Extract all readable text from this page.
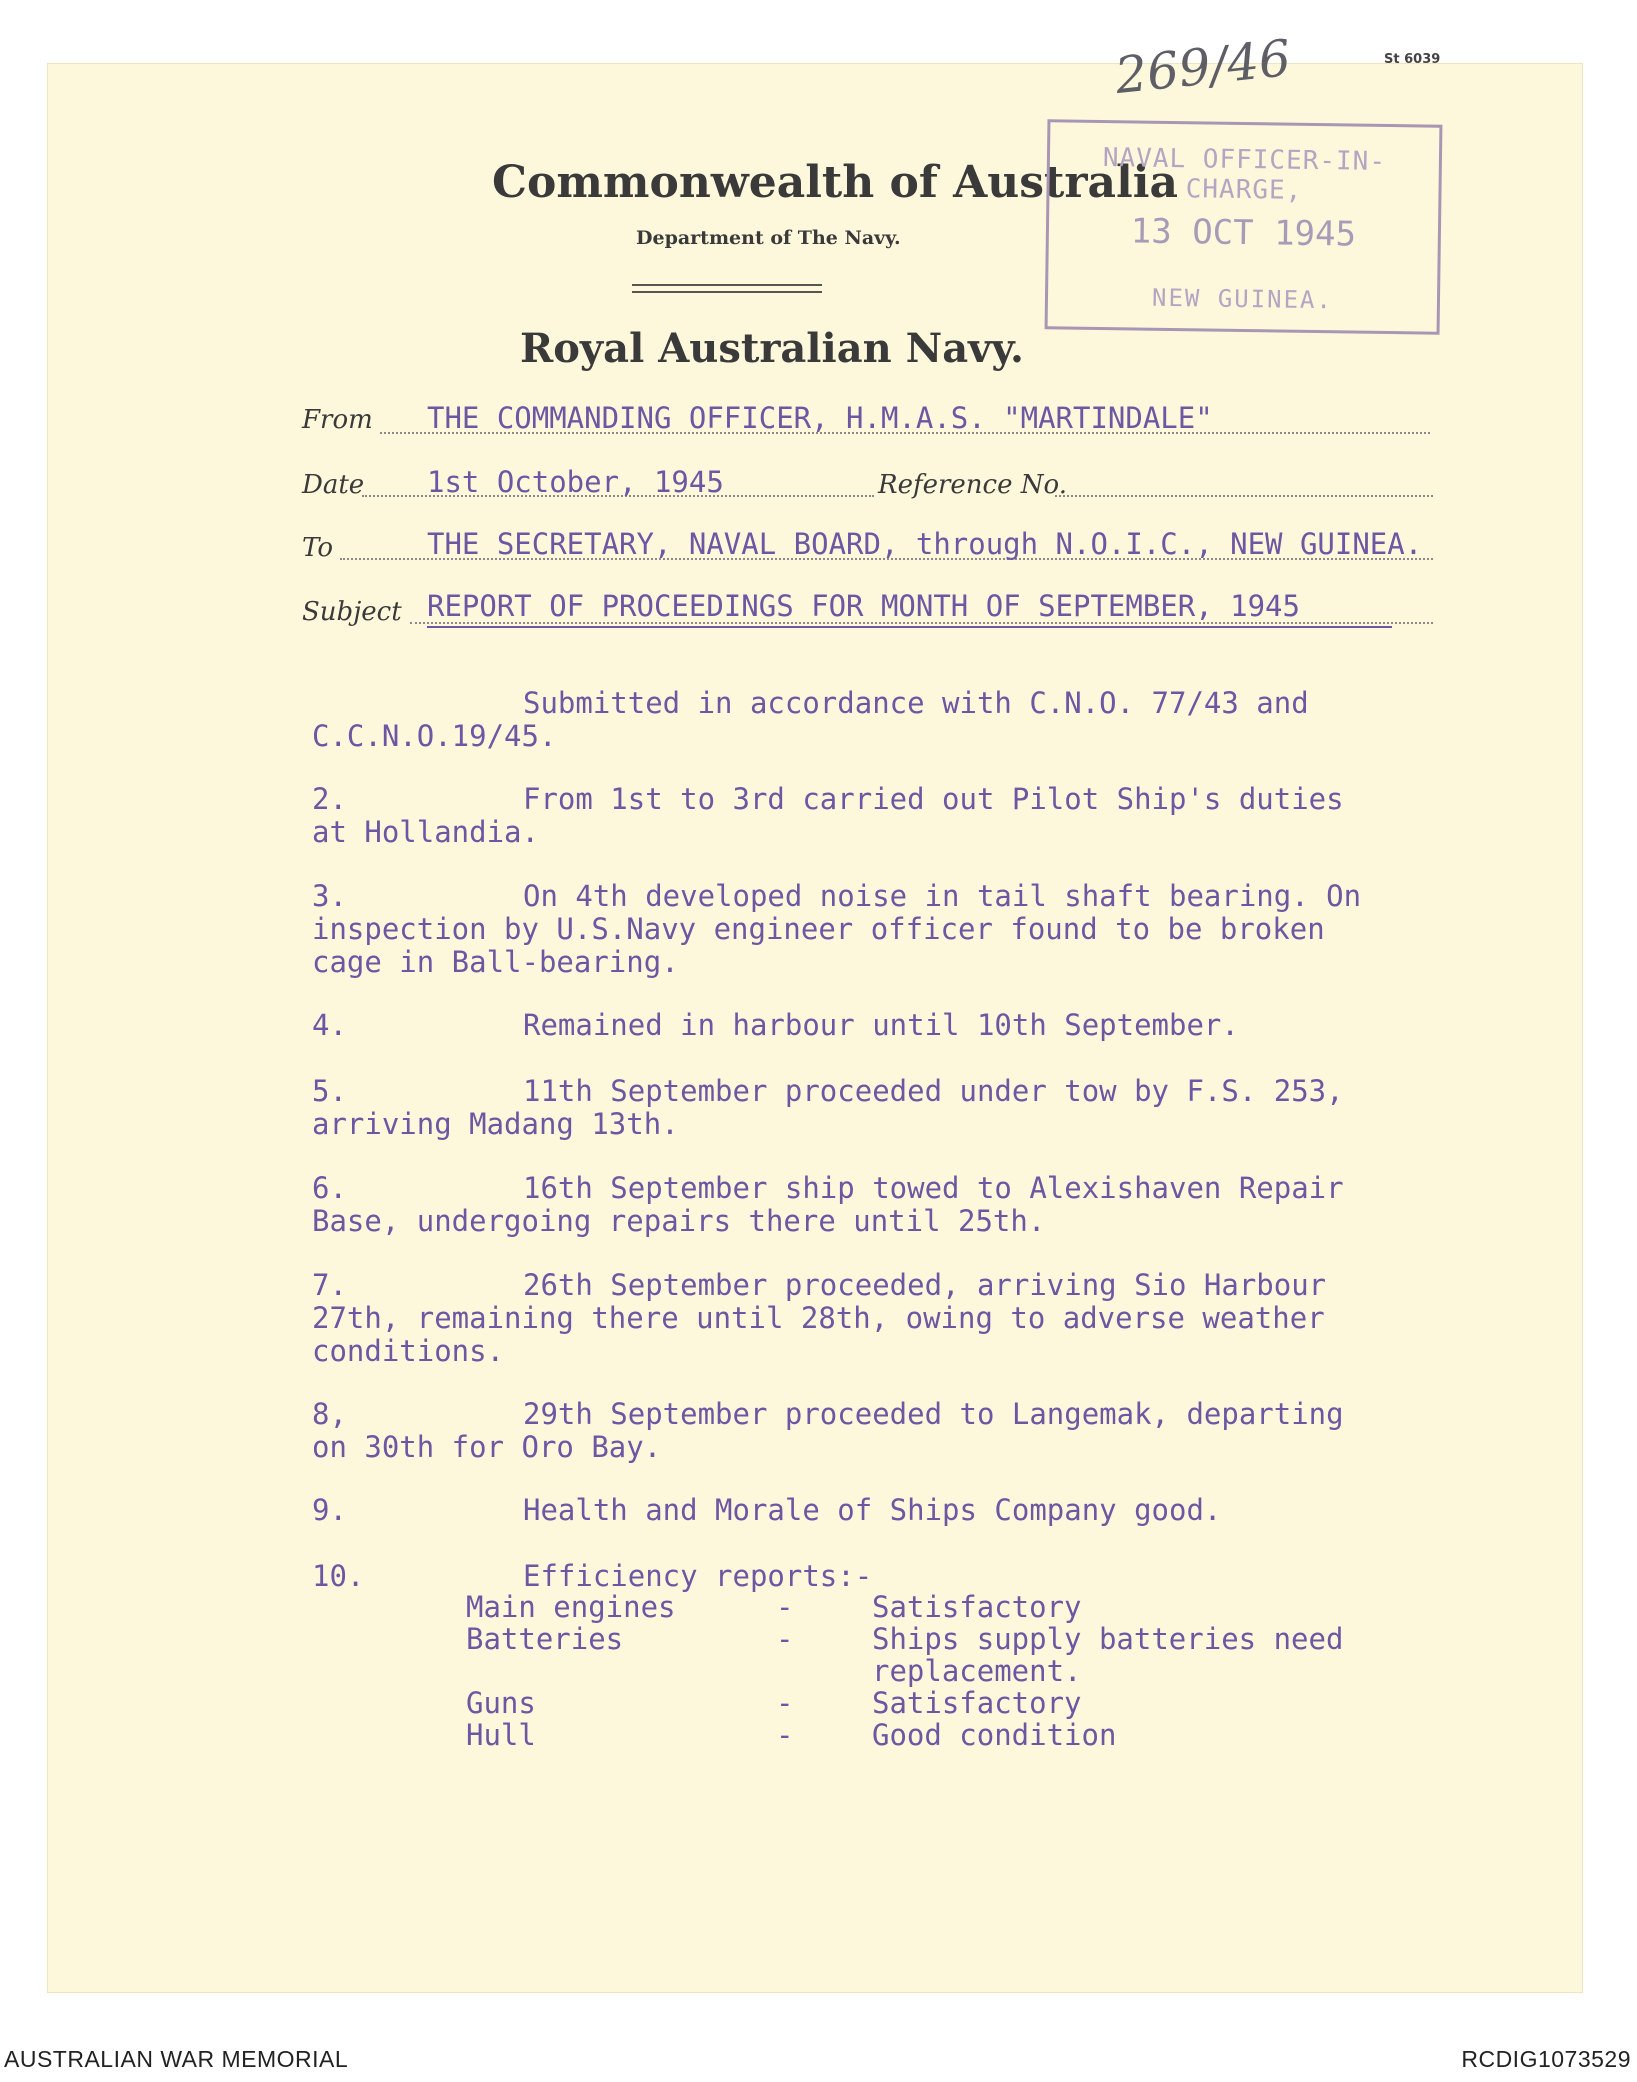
Commonwealth of Australia
Department of The Navy.
Royal Australian Navy.
St 6039
269/46
NAVAL OFFICER-IN-CHARGE,
13 OCT 1945
NEW GUINEA.
From THE COMMANDING OFFICER, H.M.A.S. "MARTINDALE"
Date 1st October, 1945	Reference No.
To	THE SECRETARY, NAVAL BOARD, through N.O.I.C., NEW GUINEA.
Subject REPORT OF PROCEEDINGS FOR MONTH OF SEPTEMBER, 1945
Submitted in accordance with C.N.O. 77/43 and
C.C.N.O.19/45.
2.	From 1st to 3rd carried out Pilot Ship's duties
at Hollandia.
3.	On 4th developed noise in tail shaft bearing. On
inspection by U.S.Navy engineer officer found to be broken
cage in Ball-bearing.
4.	Remained in harbour until 10th September.
5.	11th September proceeded under tow by F.S. 253,
arriving Madang 13th.
6.	16th September ship towed to Alexishaven Repair
Base, undergoing repairs there until 25th.
7.	26th September proceeded, arriving Sio Harbour
27th, remaining there until 28th, owing to adverse weather
conditions.
8,	29th September proceeded to Langemak, departing
on 30th for Oro Bay.
9.	Health and Morale of Ships Company good.
10.	Efficiency reports:-
Main engines	-	Satisfactory
Batteries	-	Ships supply batteries need
replacement.
Guns	-	Satisfactory
Hull	-	Good condition
AUSTRALIAN WAR MEMORIAL	RCDIG1073529
